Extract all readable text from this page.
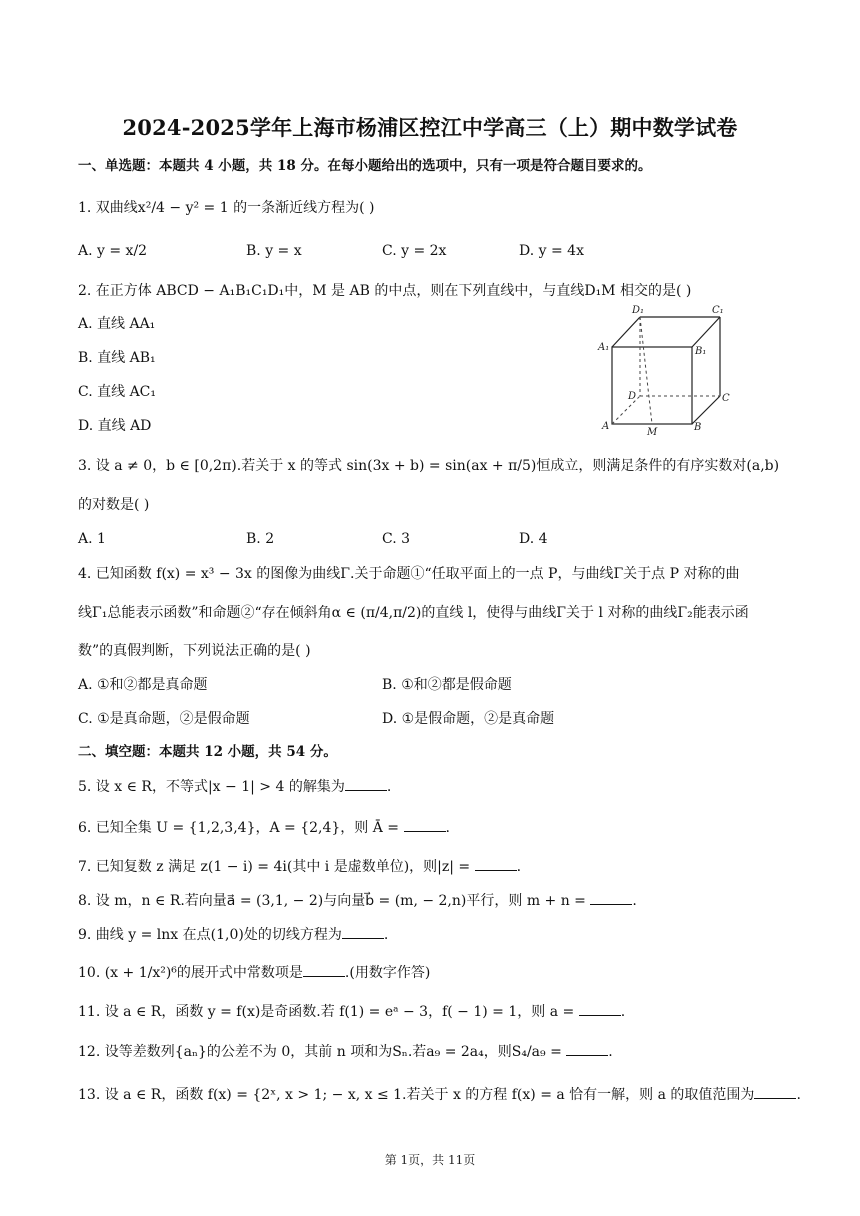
2024-2025学年上海市杨浦区控江中学高三（上）期中数学试卷
一、单选题：本题共 4 小题，共 18 分。在每小题给出的选项中，只有一项是符合题目要求的。
1. 双曲线x²/4 − y² = 1 的一条渐近线方程为( )
A. y = x/2	B. y = x	C. y = 2x	D. y = 4x
2. 在正方体 ABCD − A₁B₁C₁D₁中，M 是 AB 的中点，则在下列直线中，与直线D₁M 相交的是( )
A. 直线 AA₁
B. 直线 AB₁
C. 直线 AC₁
D. 直线 AD
D₁	C₁
A₁	B₁
D	C
A
M	B
3. 设 a ≠ 0，b ∈ [0,2π).若关于 x 的等式 sin(3x + b) = sin(ax + π/5)恒成立，则满足条件的有序实数对(a,b)
的对数是( )
A. 1	B. 2	C. 3	D. 4
4. 已知函数 f(x) = x³ − 3x 的图像为曲线Γ.关于命题①“任取平面上的一点 P，与曲线Γ关于点 P 对称的曲
线Γ₁总能表示函数”和命题②“存在倾斜角α ∈ (π/4,π/2)的直线 l，使得与曲线Γ关于 l 对称的曲线Γ₂能表示函
数”的真假判断，下列说法正确的是( )
A. ①和②都是真命题	B. ①和②都是假命题
C. ①是真命题，②是假命题	D. ①是假命题，②是真命题
二、填空题：本题共 12 小题，共 54 分。
5. 设 x ∈ R，不等式|x − 1| > 4 的解集为	.
6. 已知全集 U = {1,2,3,4}，A = {2,4}，则 Ā =	.
7. 已知复数 z 满足 z(1 − i) = 4i(其中 i 是虚数单位)，则|z| =	.
8. 设 m，n ∈ R.若向量a⃗ = (3,1, − 2)与向量b⃗ = (m, − 2,n)平行，则 m + n =	.
9. 曲线 y = lnx 在点(1,0)处的切线方程为	.
10. (x + 1/x²)⁶的展开式中常数项是	.(用数字作答)
11. 设 a ∈ R，函数 y = f(x)是奇函数.若 f(1) = eᵃ − 3，f( − 1) = 1，则 a =	.
12. 设等差数列{aₙ}的公差不为 0，其前 n 项和为Sₙ.若a₉ = 2a₄，则S₄/a₉ =	.
13. 设 a ∈ R，函数 f(x) = {2ˣ, x > 1; − x, x ≤ 1.若关于 x 的方程 f(x) = a 恰有一解，则 a 的取值范围为	.
第 1页，共 11页
